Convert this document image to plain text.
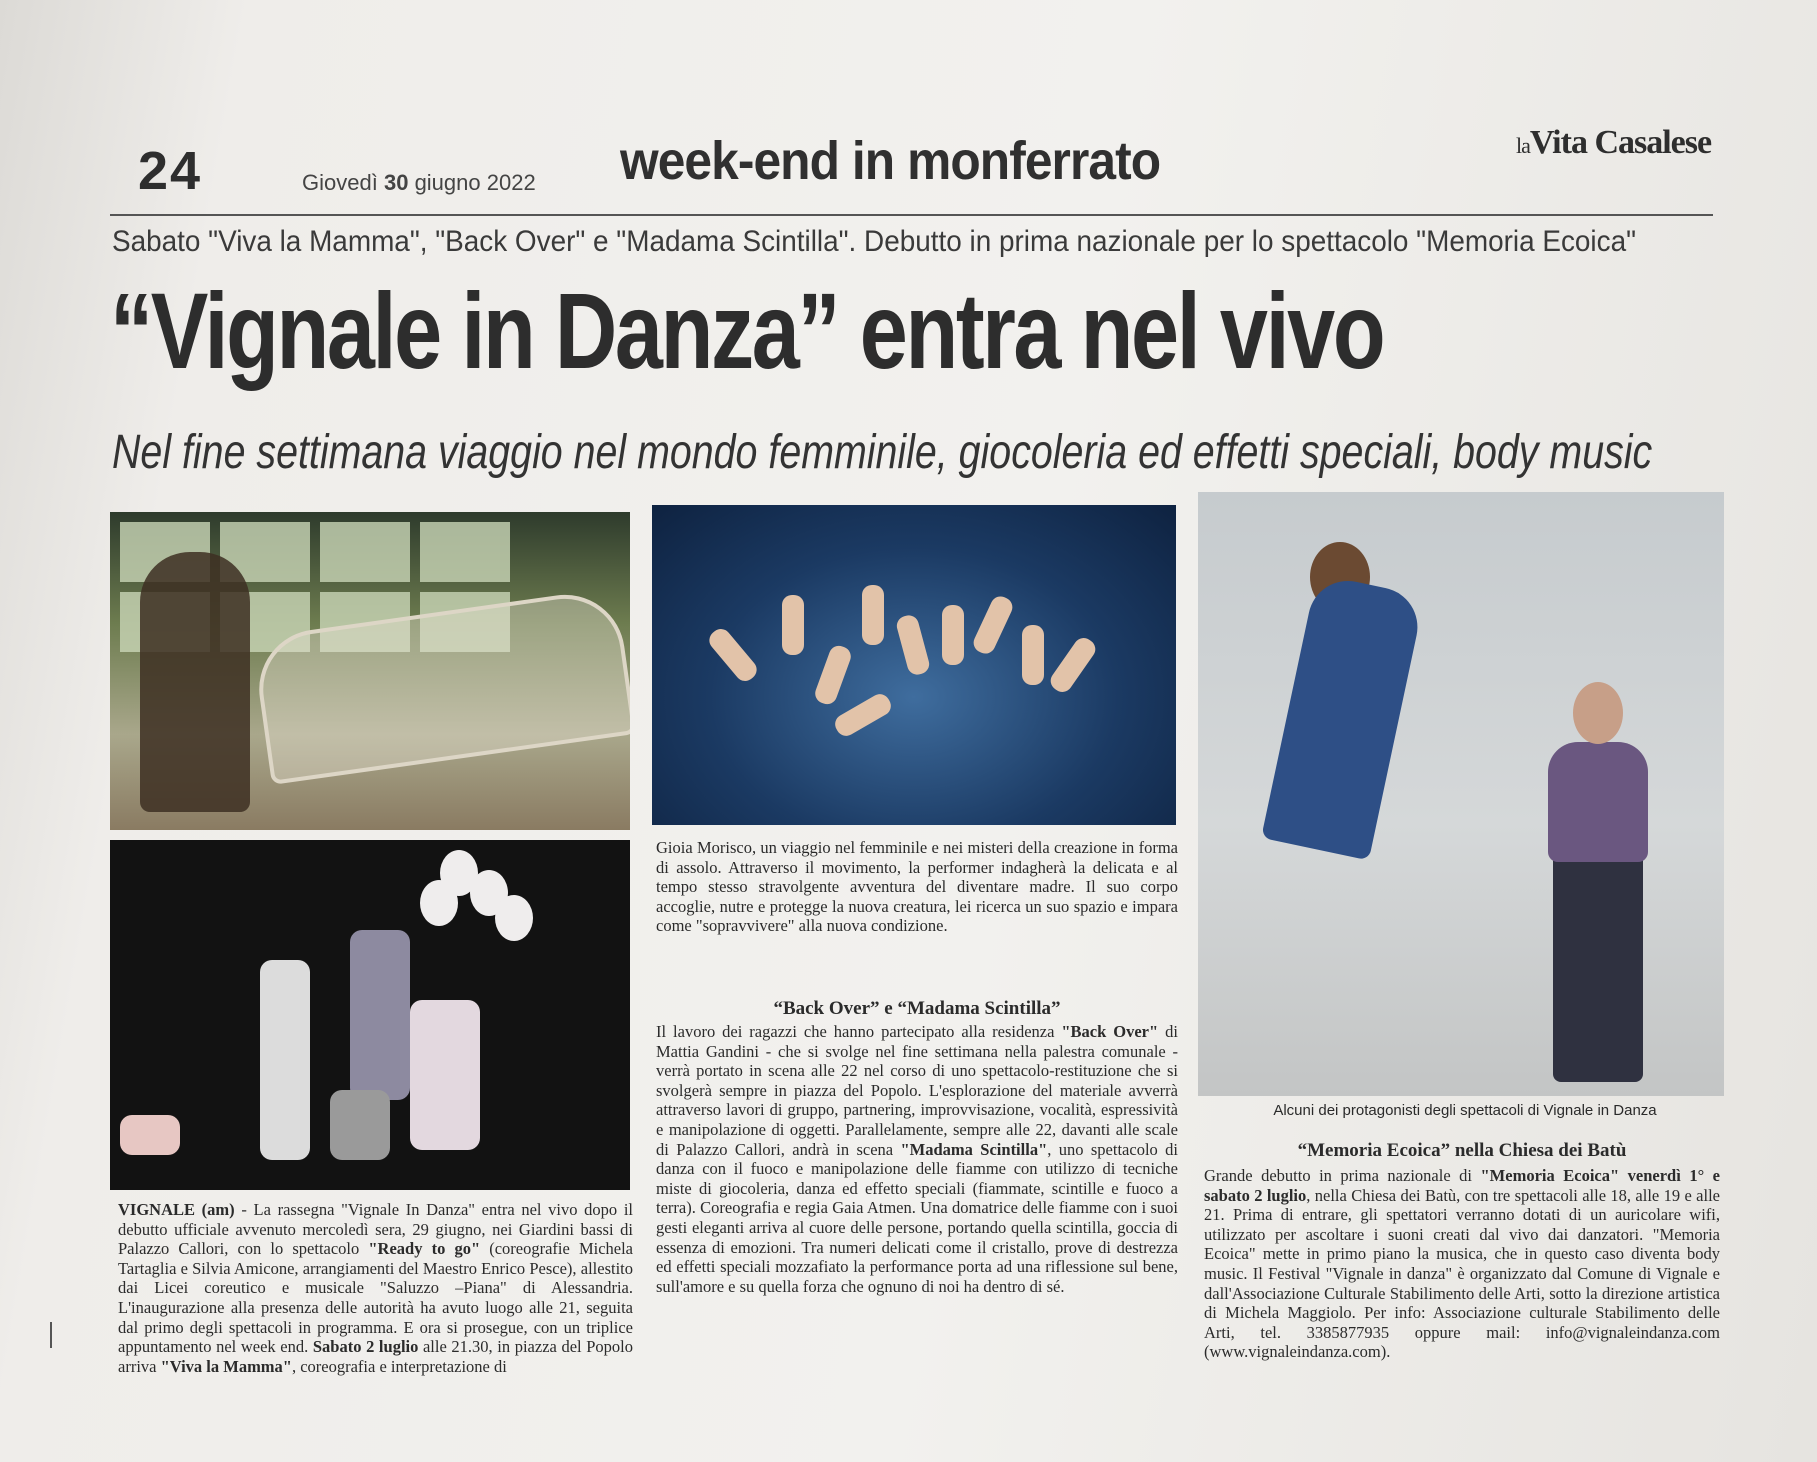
24	Giovedì 30 giugno 2022 week-end in monferrato	laVita Casalese
Sabato "Viva la Mamma", "Back Over" e "Madama Scintilla". Debutto in prima nazionale per lo spettacolo "Memoria Ecoica"
“Vignale in Danza” entra nel vivo
Nel fine settimana viaggio nel mondo femminile, giocoleria ed effetti speciali, body music
Alcuni dei protagonisti degli spettacoli di Vignale in Danza

VIGNALE (am) - La rassegna "Vignale In Danza" entra nel vivo dopo il debutto ufficiale avvenuto mercoledì sera, 29 giugno, nei Giardini bassi di Palazzo Callori, con lo spettacolo "Ready to go" (coreografie Michela Tartaglia e Silvia Amicone, arrangiamenti del Maestro Enrico Pesce), allestito dai Licei coreutico e musicale "Saluzzo –Piana" di Alessandria. L'inaugurazione alla presenza delle autorità ha avuto luogo alle 21, seguita dal primo degli spettacoli in programma. E ora si prosegue, con un triplice appuntamento nel week end. Sabato 2 luglio alle 21.30, in piazza del Popolo arriva "Viva la Mamma", coreografia e interpretazione di

Gioia Morisco, un viaggio nel femminile e nei misteri della creazione in forma di assolo. Attraverso il movimento, la performer indagherà la delicata e al tempo stesso stravolgente avventura del diventare madre. Il suo corpo accoglie, nutre e protegge la nuova creatura, lei ricerca un suo spazio e impara come "sopravvivere" alla nuova condizione.

“Back Over” e “Madama Scintilla”

Il lavoro dei ragazzi che hanno partecipato alla residenza "Back Over" di Mattia Gandini - che si svolge nel fine settimana nella palestra comunale - verrà portato in scena alle 22 nel corso di uno spettacolo-restituzione che si svolgerà sempre in piazza del Popolo. L'esplorazione del materiale avverrà attraverso lavori di gruppo, partnering, improvvisazione, vocalità, espressività e manipolazione di oggetti. Parallelamente, sempre alle 22, davanti alle scale di Palazzo Callori, andrà in scena "Madama Scintilla", uno spettacolo di danza con il fuoco e manipolazione delle fiamme con utilizzo di tecniche miste di giocoleria, danza ed effetto speciali (fiammate, scintille e fuoco a terra). Coreografia e regia Gaia Atmen. Una domatrice delle fiamme con i suoi gesti eleganti arriva al cuore delle persone, portando quella scintilla, goccia di essenza di emozioni. Tra numeri delicati come il cristallo, prove di destrezza ed effetti speciali mozzafiato la performance porta ad una riflessione sul bene, sull'amore e su quella forza che ognuno di noi ha dentro di sé.

“Memoria Ecoica” nella Chiesa dei Batù

Grande debutto in prima nazionale di "Memoria Ecoica" venerdì 1° e sabato 2 luglio, nella Chiesa dei Batù, con tre spettacoli alle 18, alle 19 e alle 21. Prima di entrare, gli spettatori verranno dotati di un auricolare wifi, utilizzato per ascoltare i suoni creati dal vivo dai danzatori. "Memoria Ecoica" mette in primo piano la musica, che in questo caso diventa body music. Il Festival "Vignale in danza" è organizzato dal Comune di Vignale e dall'Associazione Culturale Stabilimento delle Arti, sotto la direzione artistica di Michela Maggiolo. Per info: Associazione culturale Stabilimento delle Arti, tel. 3385877935 oppure mail: info@vignaleindanza.com (www.vignaleindanza.com).
